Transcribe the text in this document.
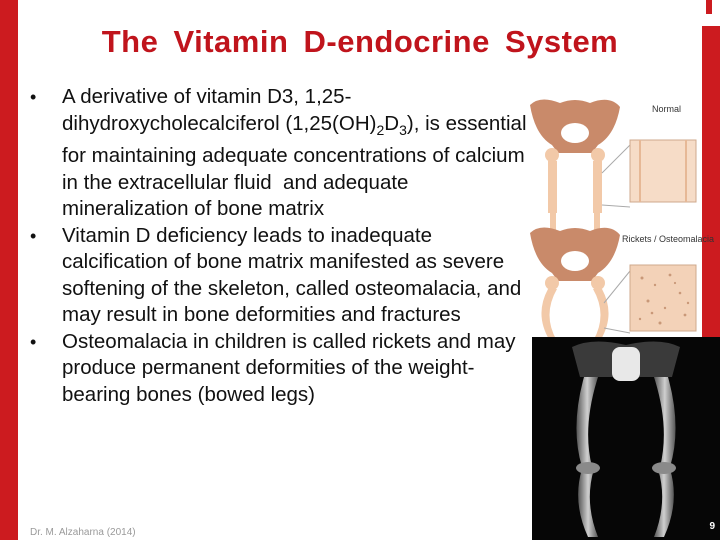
The Vitamin D-endocrine System
• A derivative of vitamin D3, 1,25-dihydroxycholecalciferol $(1,25(OH)_2D_3)$, is essential for maintaining adequate concentrations of calcium in the extracellular fluid  and adequate mineralization of bone matrix
• Vitamin D deficiency leads to inadequate calcification of bone matrix manifested as severe softening of the skeleton, called osteomalacia, and may result in bone deformities and fractures
• Osteomalacia in children is called rickets and may produce permanent deformities of the weight-bearing bones (bowed legs)
Normal
Rickets / Osteomalacia
Dr. M. Alzaharna (2014)
9
